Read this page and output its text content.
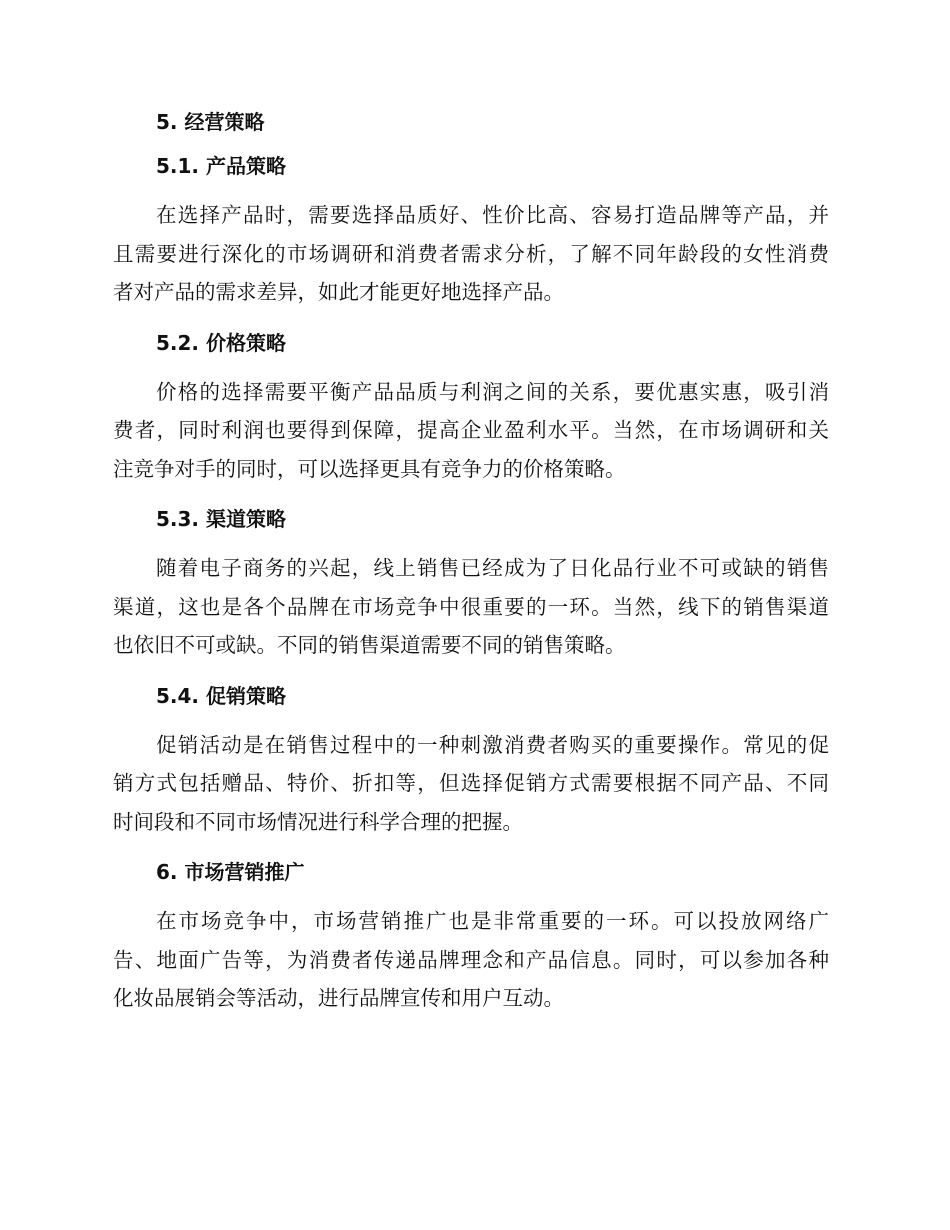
5. 经营策略
5.1. 产品策略
在选择产品时，需要选择品质好、性价比高、容易打造品牌等产品，并
且需要进行深化的市场调研和消费者需求分析，了解不同年龄段的女性消费
者对产品的需求差异，如此才能更好地选择产品。
5.2. 价格策略
价格的选择需要平衡产品品质与利润之间的关系，要优惠实惠，吸引消
费者，同时利润也要得到保障，提高企业盈利水平。当然，在市场调研和关
注竞争对手的同时，可以选择更具有竞争力的价格策略。
5.3. 渠道策略
随着电子商务的兴起，线上销售已经成为了日化品行业不可或缺的销售
渠道，这也是各个品牌在市场竞争中很重要的一环。当然，线下的销售渠道
也依旧不可或缺。不同的销售渠道需要不同的销售策略。
5.4. 促销策略
促销活动是在销售过程中的一种刺激消费者购买的重要操作。常见的促
销方式包括赠品、特价、折扣等，但选择促销方式需要根据不同产品、不同
时间段和不同市场情况进行科学合理的把握。
6. 市场营销推广
在市场竞争中，市场营销推广也是非常重要的一环。可以投放网络广
告、地面广告等，为消费者传递品牌理念和产品信息。同时，可以参加各种
化妆品展销会等活动，进行品牌宣传和用户互动。
